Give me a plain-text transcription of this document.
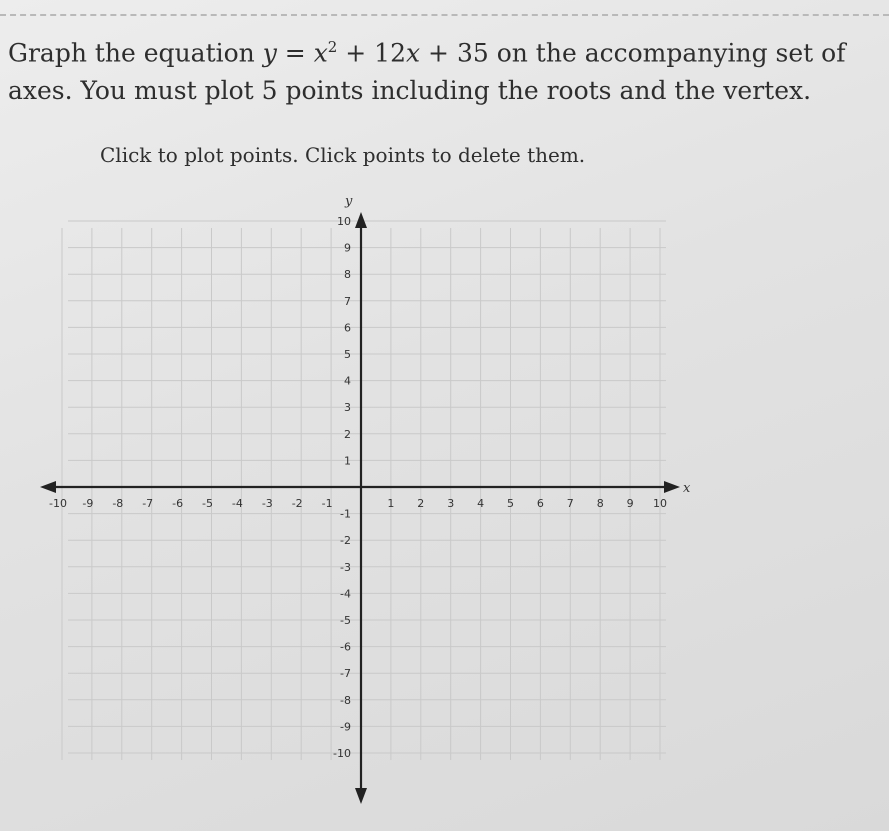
Graph the equation $y = x^2 + 12x + 35$ on the accompanying set of
axes. You must plot 5 points including the roots and the vertex.
Click to plot points. Click points to delete them.
-10 -9 -8 -7 -6 -5 -4 -3 -2 -1	1 2 3 4 5 6 7 8 9 10
10
9
8
7
6
5
4
3
2
1
-1
-2
-3
-4
-5
-6
-7
-8
-9
-10
x
y
